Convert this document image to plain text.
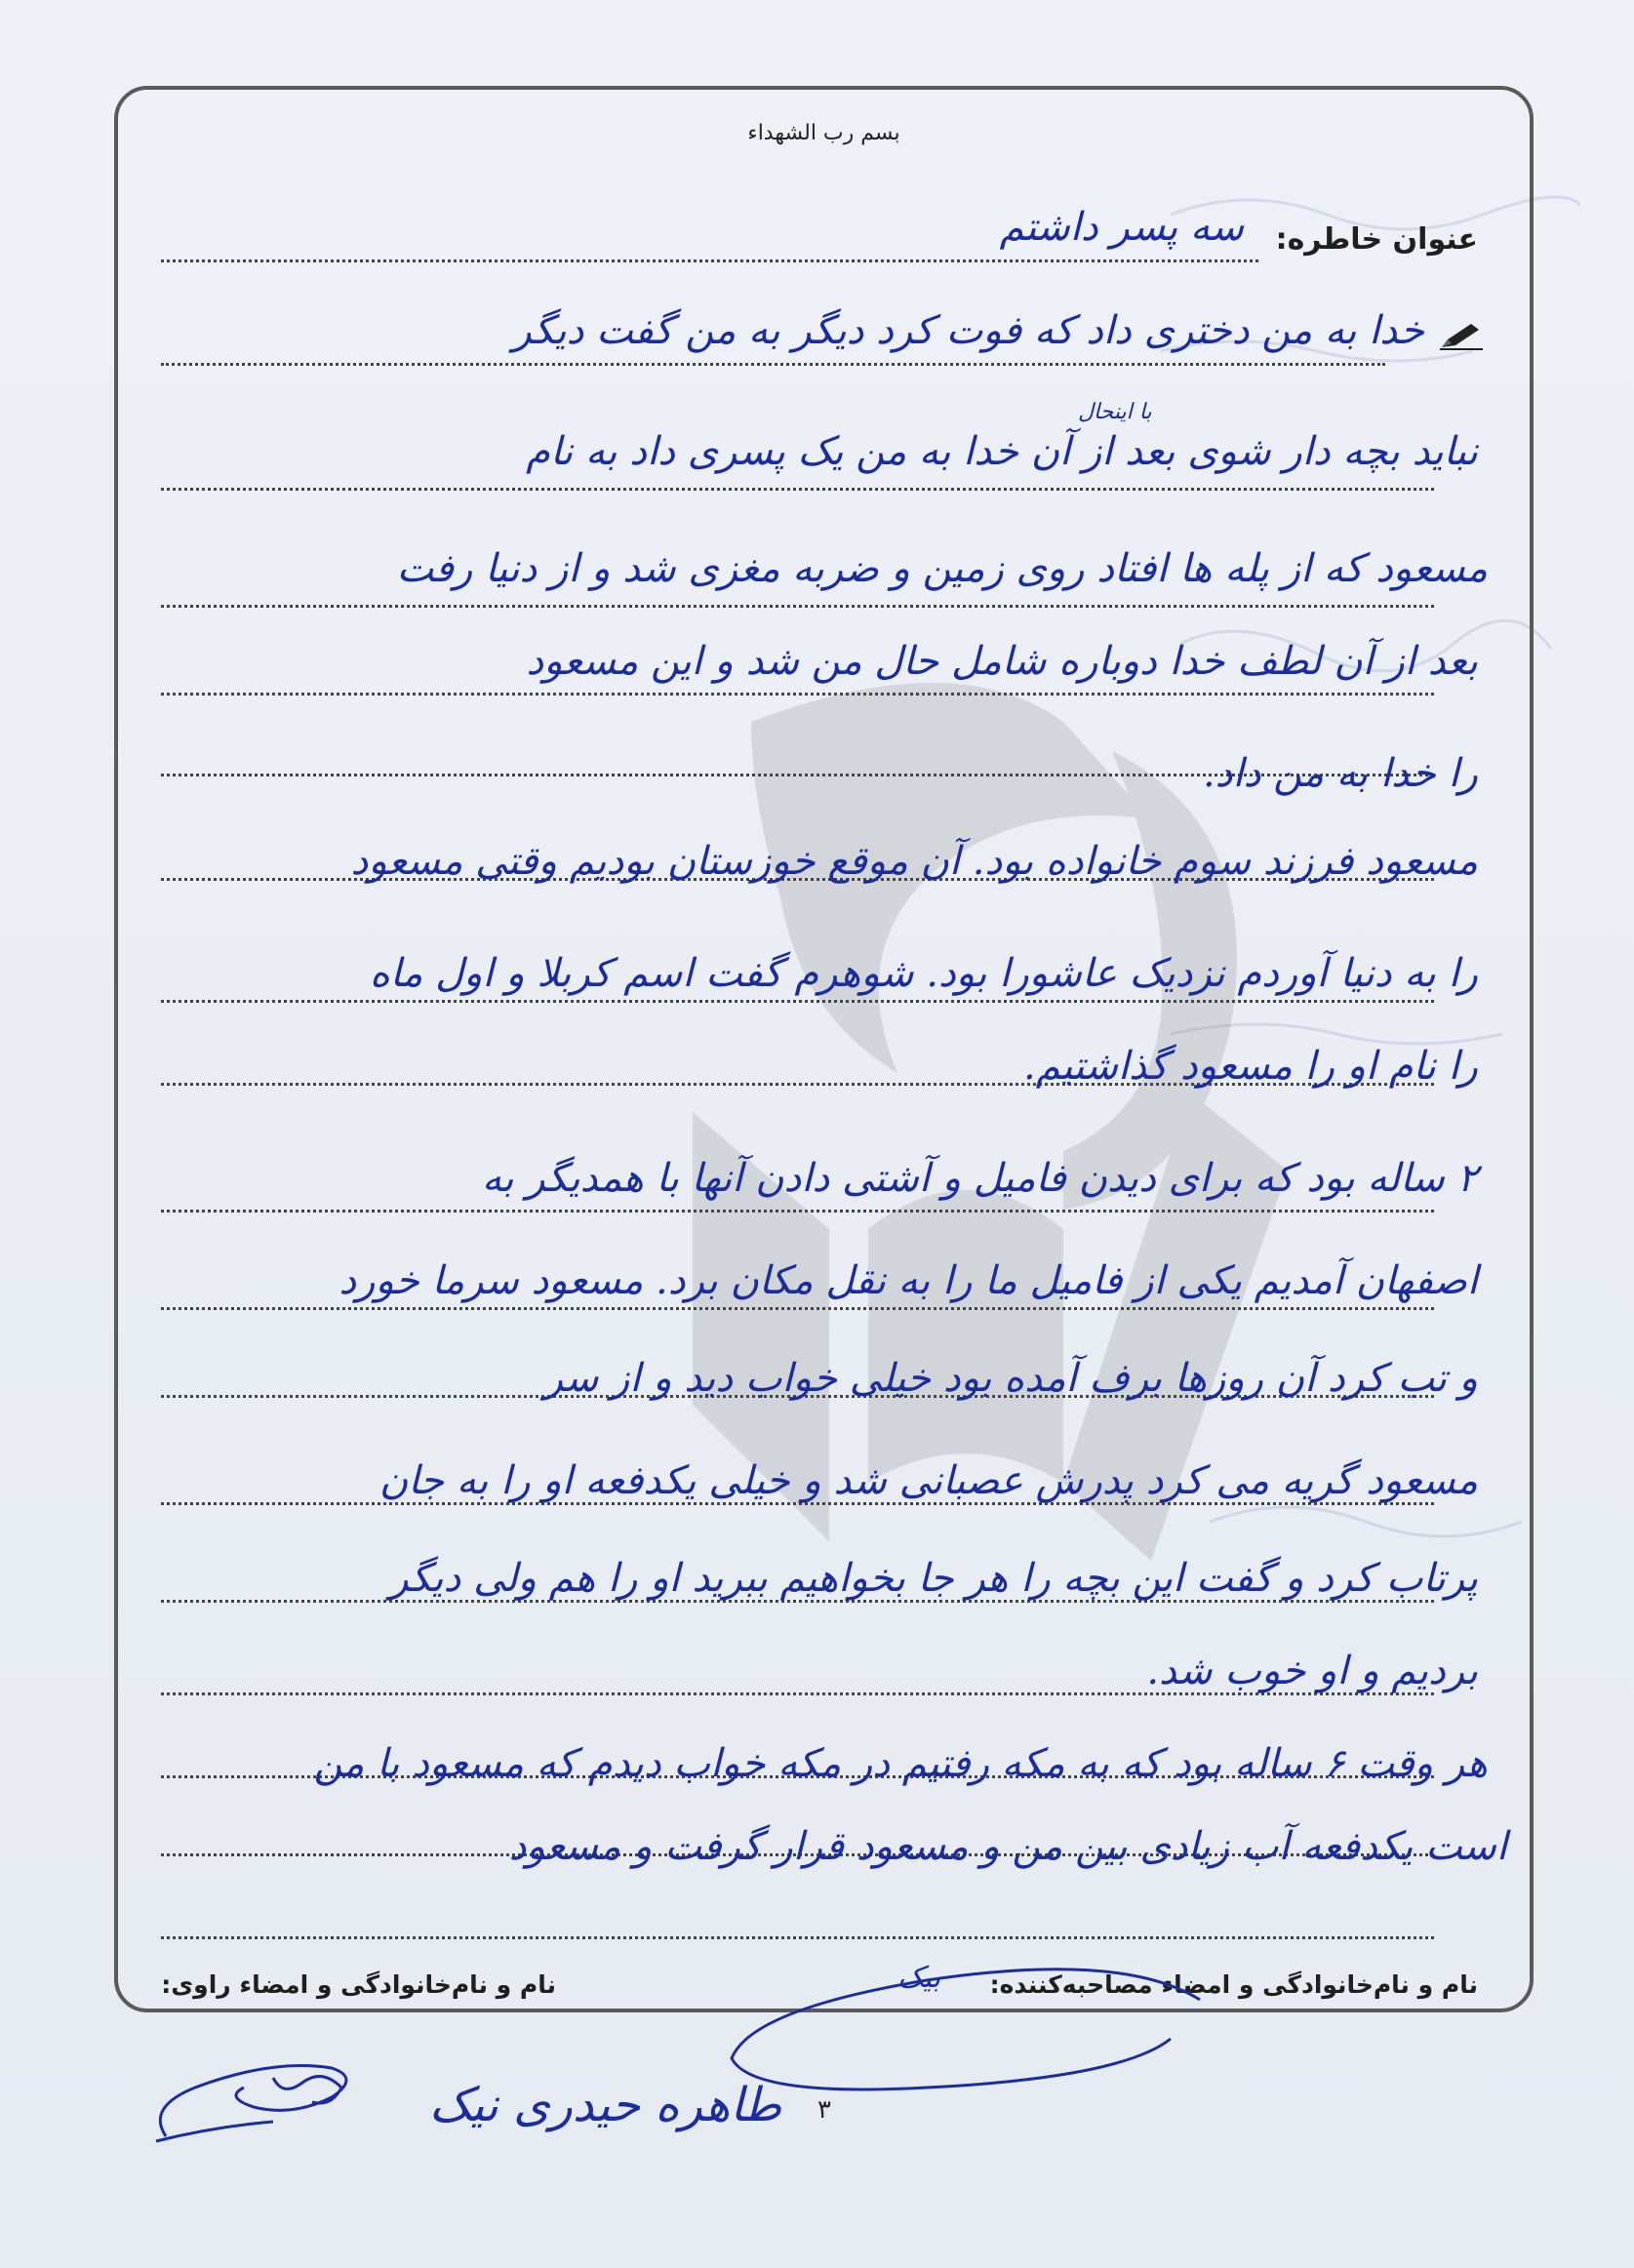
بسم رب الشهداء
عنوان خاطره:
سه پسر داشتم
خدا به من دختری داد که فوت کرد دیگر به من گفت دیگر
با اینحال
نباید بچه دار شوی بعد از آن خدا به من یک پسری داد به نام
مسعود که از پله ها افتاد روی زمین و ضربه مغزی شد و از دنیا رفت
بعد از آن لطف خدا دوباره شامل حال من شد و این مسعود
را خدا به من داد.
مسعود فرزند سوم خانواده بود. آن موقع خوزستان بودیم وقتی مسعود
را به دنیا آوردم نزدیک عاشورا بود. شوهرم گفت اسم کربلا و اول ماه
را نام او را مسعود گذاشتیم.
۲ ساله بود که برای دیدن فامیل و آشتی دادن آنها با همدیگر به
اصفهان آمدیم یکی از فامیل ما را به نقل مکان برد. مسعود سرما خورد
و تب کرد آن روزها برف آمده بود خیلی خواب دید و از سر
مسعود گریه می کرد پدرش عصبانی شد و خیلی یکدفعه او را به جان
پرتاب کرد و گفت این بچه را هر جا بخواهیم ببرید او را هم ولی دیگر
بردیم و او خوب شد.
هر وقت ۶ ساله بود که به مکه رفتیم در مکه خواب دیدم که مسعود با من
است یکدفعه آب زیادی بین من و مسعود قرار گرفت و مسعود
نام و نام‌خانوادگی و امضاء مصاحبه‌کننده:
نام و نام‌خانوادگی و امضاء راوی:	بیک
۳
طاهره حیدری نیک
